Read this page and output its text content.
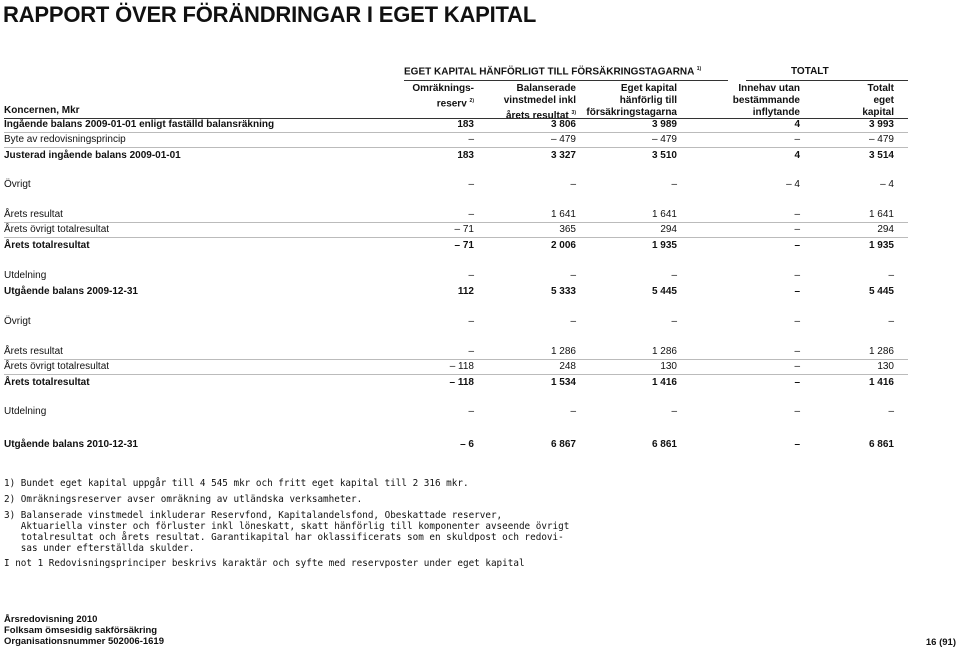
RAPPORT ÖVER FÖRÄNDRINGAR I EGET KAPITAL
EGET KAPITAL HÄNFÖRLIGT TILL FÖRSÄKRINGSTAGARNA $^{1)}$	TOTALT
Omräknings-
reserv $^{2)}$
Balanserade
vinstmedel inkl
årets resultat $^{3)}$
Eget kapital
hänförlig till
försäkringstagarna
Innehav utan
bestämmande
inflytande
Totalt
eget
kapital
Koncernen, Mkr
Ingående balans 2009-01-01 enligt faställd balansräkning	183	3 806	3 989	4	3 993
Byte av redovisningsprincip	–	– 479	– 479	–	– 479
Justerad ingående balans 2009-01-01	183	3 327	3 510	4	3 514
Övrigt	–	–	–	– 4	– 4
Årets resultat	–	1 641	1 641	–	1 641
Årets övrigt totalresultat	– 71	365	294	–	294
Årets totalresultat	– 71	2 006	1 935	–	1 935
Utdelning	–	–	–	–	–
Utgående balans 2009-12-31	112	5 333	5 445	–	5 445
Övrigt	–	–	–	–	–
Årets resultat	–	1 286	1 286	–	1 286
Årets övrigt totalresultat	– 118	248	130	–	130
Årets totalresultat	– 118	1 534	1 416	–	1 416
Utdelning	–	–	–	–	–
Utgående balans 2010-12-31	– 6	6 867	6 861	–	6 861
1) Bundet eget kapital uppgår till 4 545 mkr och fritt eget kapital till 2 316 mkr.
2) Omräkningsreserver avser omräkning av utländska verksamheter.
3) Balanserade vinstmedel inkluderar Reservfond, Kapitalandelsfond, Obeskattade reserver,
Aktuariella vinster och förluster inkl löneskatt, skatt hänförlig till komponenter avseende övrigt
totalresultat och årets resultat. Garantikapital har oklassificerats som en skuldpost och redovi-
sas under efterställda skulder.
I not 1 Redovisningsprinciper beskrivs karaktär och syfte med reservposter under eget kapital
Årsredovisning 2010
Folksam ömsesidig sakförsäkring
Organisationsnummer 502006-1619	16 (91)
